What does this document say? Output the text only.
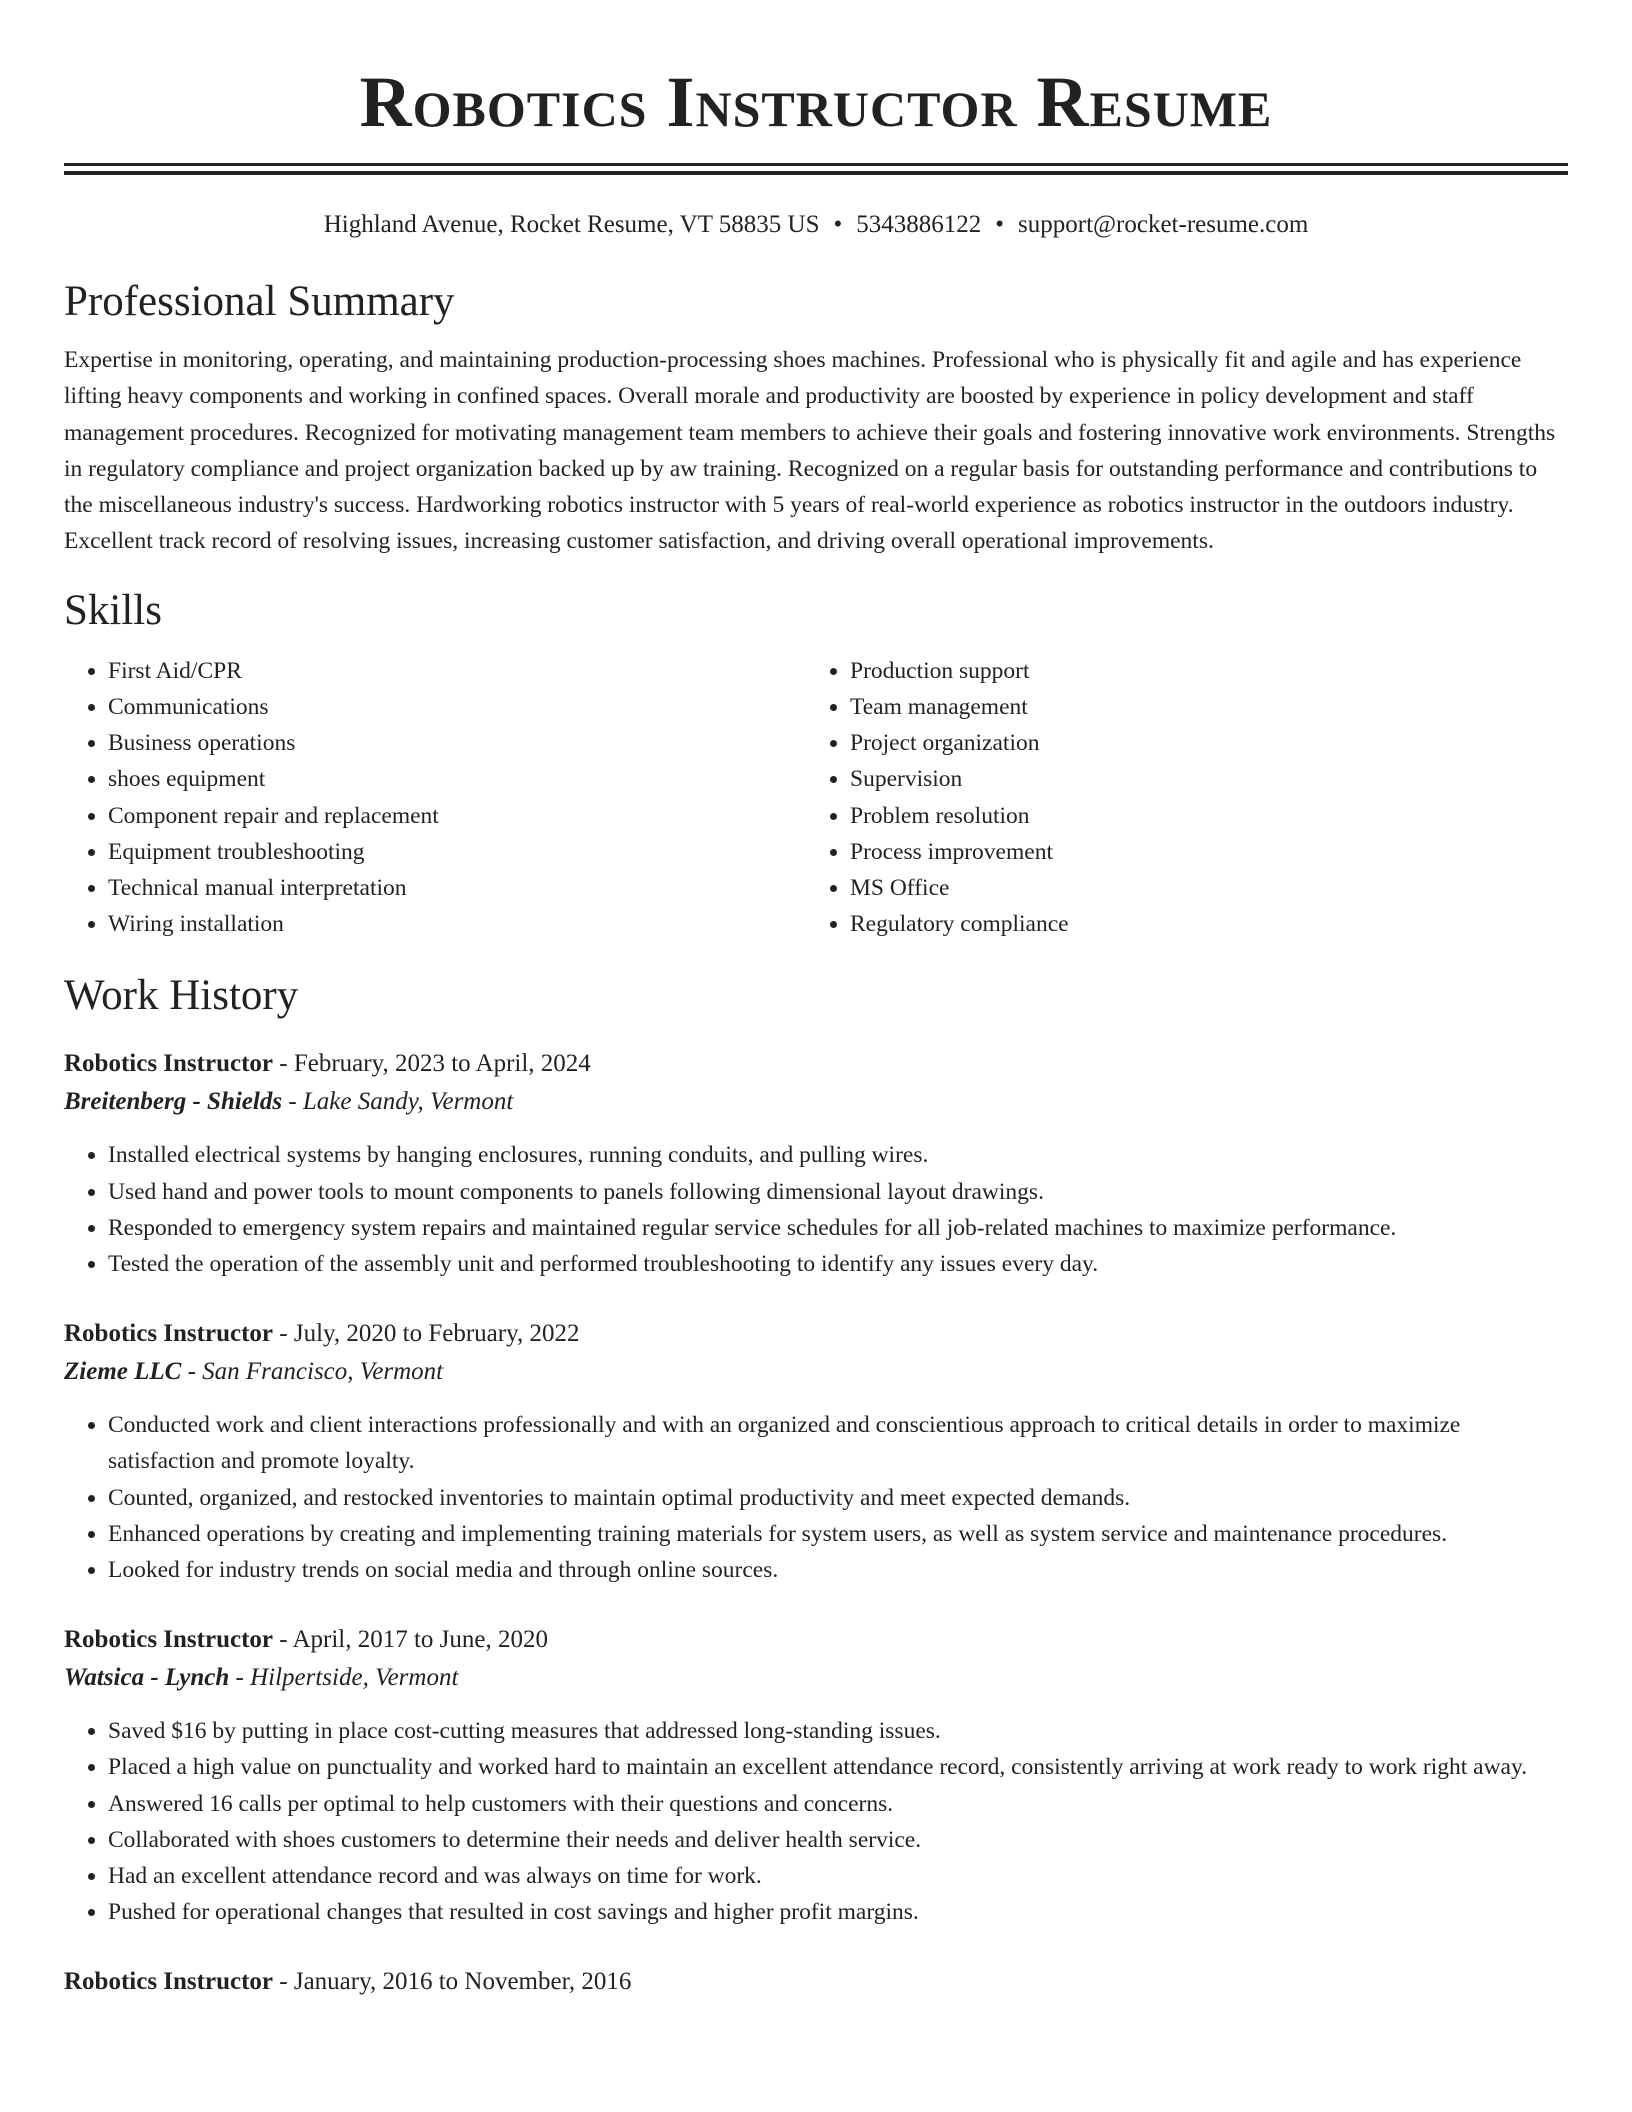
Robotics Instructor Resume
Highland Avenue, Rocket Resume, VT 58835 US • 5343886122 • support@rocket-resume.com
Professional Summary
Expertise in monitoring, operating, and maintaining production-processing shoes machines. Professional who is physically fit and agile and has experience lifting heavy components and working in confined spaces. Overall morale and productivity are boosted by experience in policy development and staff management procedures. Recognized for motivating management team members to achieve their goals and fostering innovative work environments. Strengths in regulatory compliance and project organization backed up by aw training. Recognized on a regular basis for outstanding performance and contributions to the miscellaneous industry's success. Hardworking robotics instructor with 5 years of real-world experience as robotics instructor in the outdoors industry. Excellent track record of resolving issues, increasing customer satisfaction, and driving overall operational improvements.
Skills
• First Aid/CPR
• Communications
• Business operations
• shoes equipment
• Component repair and replacement
• Equipment troubleshooting
• Technical manual interpretation
• Wiring installation
• Production support
• Team management
• Project organization
• Supervision
• Problem resolution
• Process improvement
• MS Office
• Regulatory compliance
Work History
Robotics Instructor - February, 2023 to April, 2024
Breitenberg - Shields - Lake Sandy, Vermont
• Installed electrical systems by hanging enclosures, running conduits, and pulling wires.
• Used hand and power tools to mount components to panels following dimensional layout drawings.
• Responded to emergency system repairs and maintained regular service schedules for all job-related machines to maximize performance.
• Tested the operation of the assembly unit and performed troubleshooting to identify any issues every day.
Robotics Instructor - July, 2020 to February, 2022
Zieme LLC - San Francisco, Vermont
• Conducted work and client interactions professionally and with an organized and conscientious approach to critical details in order to maximize satisfaction and promote loyalty.
• Counted, organized, and restocked inventories to maintain optimal productivity and meet expected demands.
• Enhanced operations by creating and implementing training materials for system users, as well as system service and maintenance procedures.
• Looked for industry trends on social media and through online sources.
Robotics Instructor - April, 2017 to June, 2020
Watsica - Lynch - Hilpertside, Vermont
• Saved $16 by putting in place cost-cutting measures that addressed long-standing issues.
• Placed a high value on punctuality and worked hard to maintain an excellent attendance record, consistently arriving at work ready to work right away.
• Answered 16 calls per optimal to help customers with their questions and concerns.
• Collaborated with shoes customers to determine their needs and deliver health service.
• Had an excellent attendance record and was always on time for work.
• Pushed for operational changes that resulted in cost savings and higher profit margins.
Robotics Instructor - January, 2016 to November, 2016
